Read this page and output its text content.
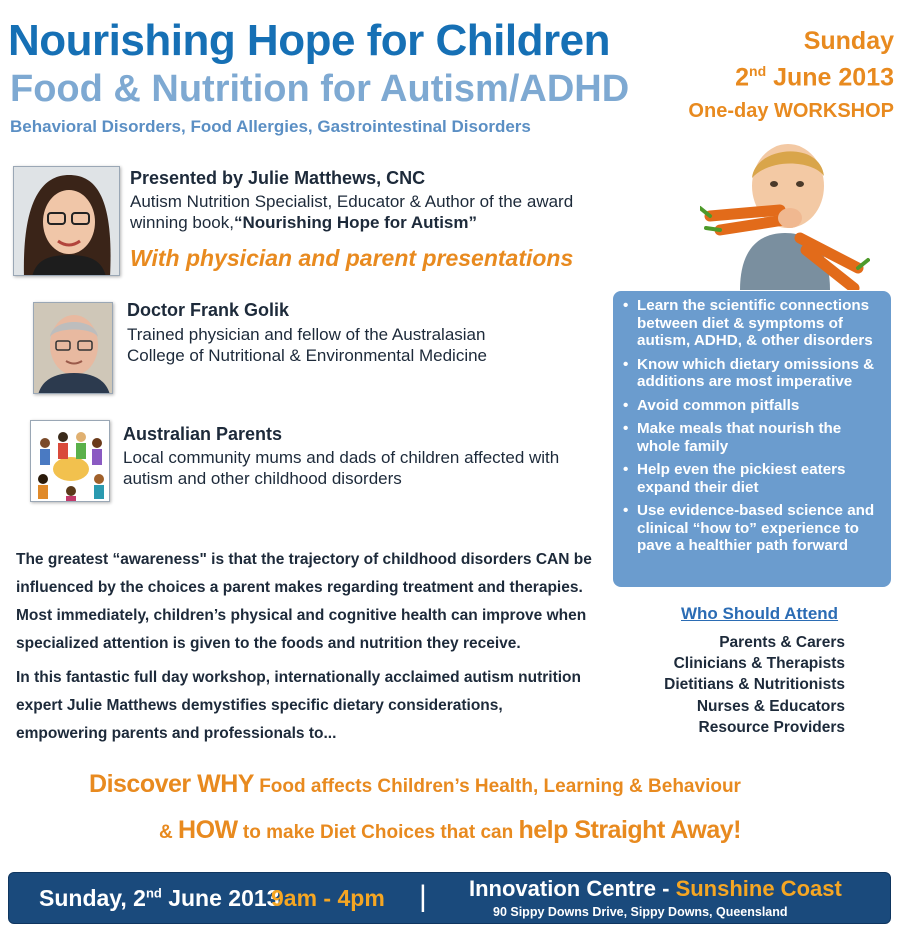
Nourishing Hope for Children
Food & Nutrition for Autism/ADHD
Behavioral Disorders, Food Allergies, Gastrointestinal Disorders
Sunday
2nd June 2013
One-day WORKSHOP
Presented by Julie Matthews, CNC
Autism Nutrition Specialist, Educator & Author of the award winning book,“Nourishing Hope for Autism”
With physician and parent presentations
Doctor Frank Golik
Trained physician and fellow of the Australasian College of Nutritional & Environmental Medicine
Australian Parents
Local community mums and dads of children affected with autism and other childhood disorders
The greatest “awareness" is that the trajectory of childhood disorders CAN be influenced by the choices a parent makes regarding treatment and therapies. Most immediately, children’s physical and cognitive health can improve when specialized attention is given to the foods and nutrition they receive.
In this fantastic full day workshop, internationally acclaimed autism nutrition expert Julie Matthews demystifies specific dietary considerations, empowering parents and professionals to...
• Learn the scientific connections between diet & symptoms of autism, ADHD, & other disorders
• Know which dietary omissions & additions are most imperative
• Avoid common pitfalls
• Make meals that nourish the whole family
• Help even the pickiest eaters expand their diet
• Use evidence-based science and clinical “how to” experience to pave a healthier path forward
Who Should Attend
Parents & Carers
Clinicians & Therapists
Dietitians & Nutritionists
Nurses & Educators
Resource Providers
Discover WHY Food affects Children’s Health, Learning & Behaviour
& HOW to make Diet Choices that can help Straight Away!
Sunday, 2nd June 2013
9am - 4pm | Innovation Centre - Sunshine Coast
90 Sippy Downs Drive, Sippy Downs, Queensland
